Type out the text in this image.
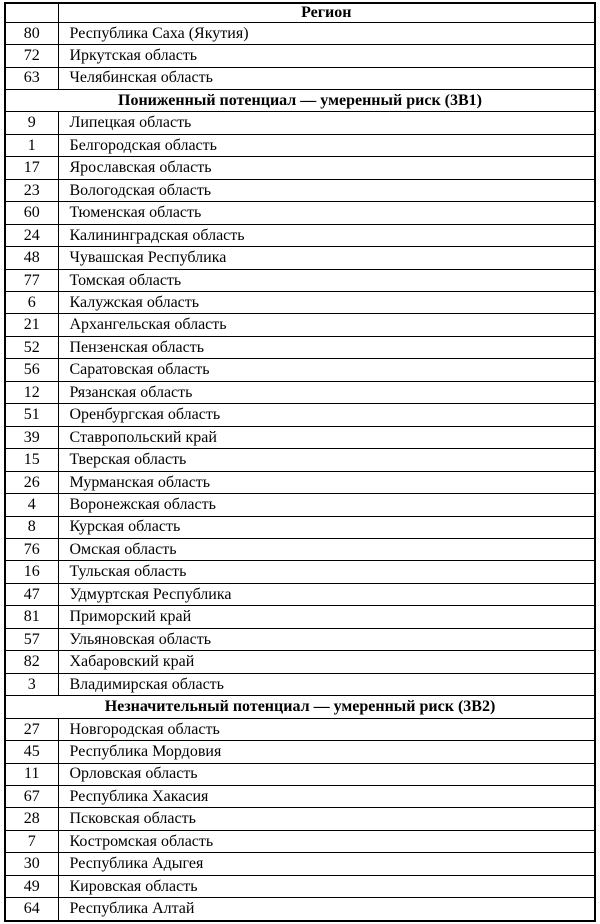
	Регион
80	Республика Саха (Якутия)
72	Иркутская область
63	Челябинская область
Пониженный потенциал — умеренный риск (3В1)	
9	Липецкая область
1	Белгородская область
17	Ярославская область
23	Вологодская область
60	Тюменская область
24	Калининградская область
48	Чувашская Республика
77	Томская область
6	Калужская область
21	Архангельская область
52	Пензенская область
56	Саратовская область
12	Рязанская область
51	Оренбургская область
39	Ставропольский край
15	Тверская область
26	Мурманская область
4	Воронежская область
8	Курская область
76	Омская область
16	Тульская область
47	Удмуртская Республика
81	Приморский край
57	Ульяновская область
82	Хабаровский край
3	Владимирская область
Незначительный потенциал — умеренный риск (3В2)	
27	Новгородская область
45	Республика Мордовия
11	Орловская область
67	Республика Хакасия
28	Псковская область
7	Костромская область
30	Республика Адыгея
49	Кировская область
64	Республика Алтай
